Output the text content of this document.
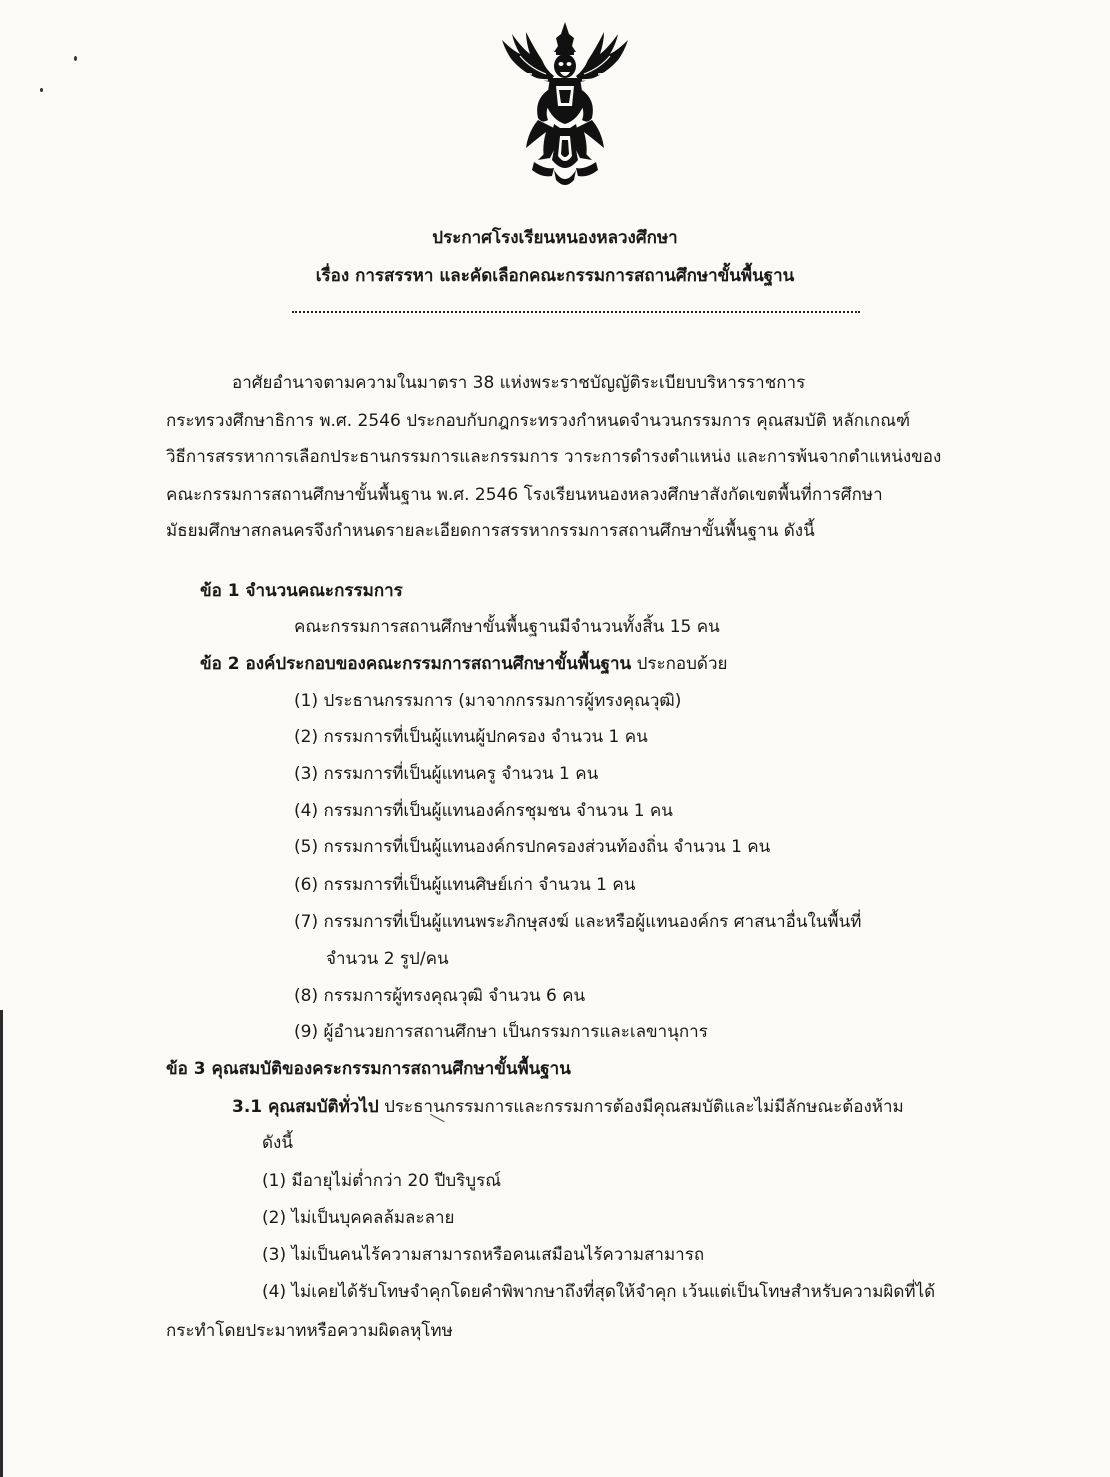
ประกาศโรงเรียนหนองหลวงศึกษา
เรื่อง การสรรหา และคัดเลือกคณะกรรมการสถานศึกษาขั้นพื้นฐาน
อาศัยอำนาจตามความในมาตรา 38 แห่งพระราชบัญญัติระเบียบบริหารราชการ
กระทรวงศึกษาธิการ พ.ศ. 2546 ประกอบกับกฎกระทรวงกำหนดจำนวนกรรมการ คุณสมบัติ หลักเกณฑ์
วิธีการสรรหาการเลือกประธานกรรมการและกรรมการ วาระการดำรงตำแหน่ง และการพ้นจากตำแหน่งของ
คณะกรรมการสถานศึกษาขั้นพื้นฐาน พ.ศ. 2546 โรงเรียนหนองหลวงศึกษาสังกัดเขตพื้นที่การศึกษา
มัธยมศึกษาสกลนครจึงกำหนดรายละเอียดการสรรหากรรมการสถานศึกษาขั้นพื้นฐาน ดังนี้
ข้อ 1 จำนวนคณะกรรมการ
คณะกรรมการสถานศึกษาขั้นพื้นฐานมีจำนวนทั้งสิ้น 15 คน
ข้อ 2 องค์ประกอบของคณะกรรมการสถานศึกษาขั้นพื้นฐาน ประกอบด้วย
(1) ประธานกรรมการ (มาจากกรรมการผู้ทรงคุณวุฒิ)
(2) กรรมการที่เป็นผู้แทนผู้ปกครอง จำนวน 1 คน
(3) กรรมการที่เป็นผู้แทนครู จำนวน 1 คน
(4) กรรมการที่เป็นผู้แทนองค์กรชุมชน จำนวน 1 คน
(5) กรรมการที่เป็นผู้แทนองค์กรปกครองส่วนท้องถิ่น จำนวน 1 คน
(6) กรรมการที่เป็นผู้แทนศิษย์เก่า จำนวน 1 คน
(7) กรรมการที่เป็นผู้แทนพระภิกษุสงฆ์ และหรือผู้แทนองค์กร ศาสนาอื่นในพื้นที่
จำนวน 2 รูป/คน
(8) กรรมการผู้ทรงคุณวุฒิ จำนวน 6 คน
(9) ผู้อำนวยการสถานศึกษา เป็นกรรมการและเลขานุการ
ข้อ 3 คุณสมบัติของคระกรรมการสถานศึกษาขั้นพื้นฐาน
3.1 คุณสมบัติทั่วไป ประธานกรรมการและกรรมการต้องมีคุณสมบัติและไม่มีลักษณะต้องห้าม
ดังนี้
(1) มีอายุไม่ต่ำกว่า 20 ปีบริบูรณ์
(2) ไม่เป็นบุคคลล้มละลาย
(3) ไม่เป็นคนไร้ความสามารถหรือคนเสมือนไร้ความสามารถ
(4) ไม่เคยได้รับโทษจำคุกโดยคำพิพากษาถึงที่สุดให้จำคุก เว้นแต่เป็นโทษสำหรับความผิดที่ได้
กระทำโดยประมาทหรือความผิดลหุโทษ
